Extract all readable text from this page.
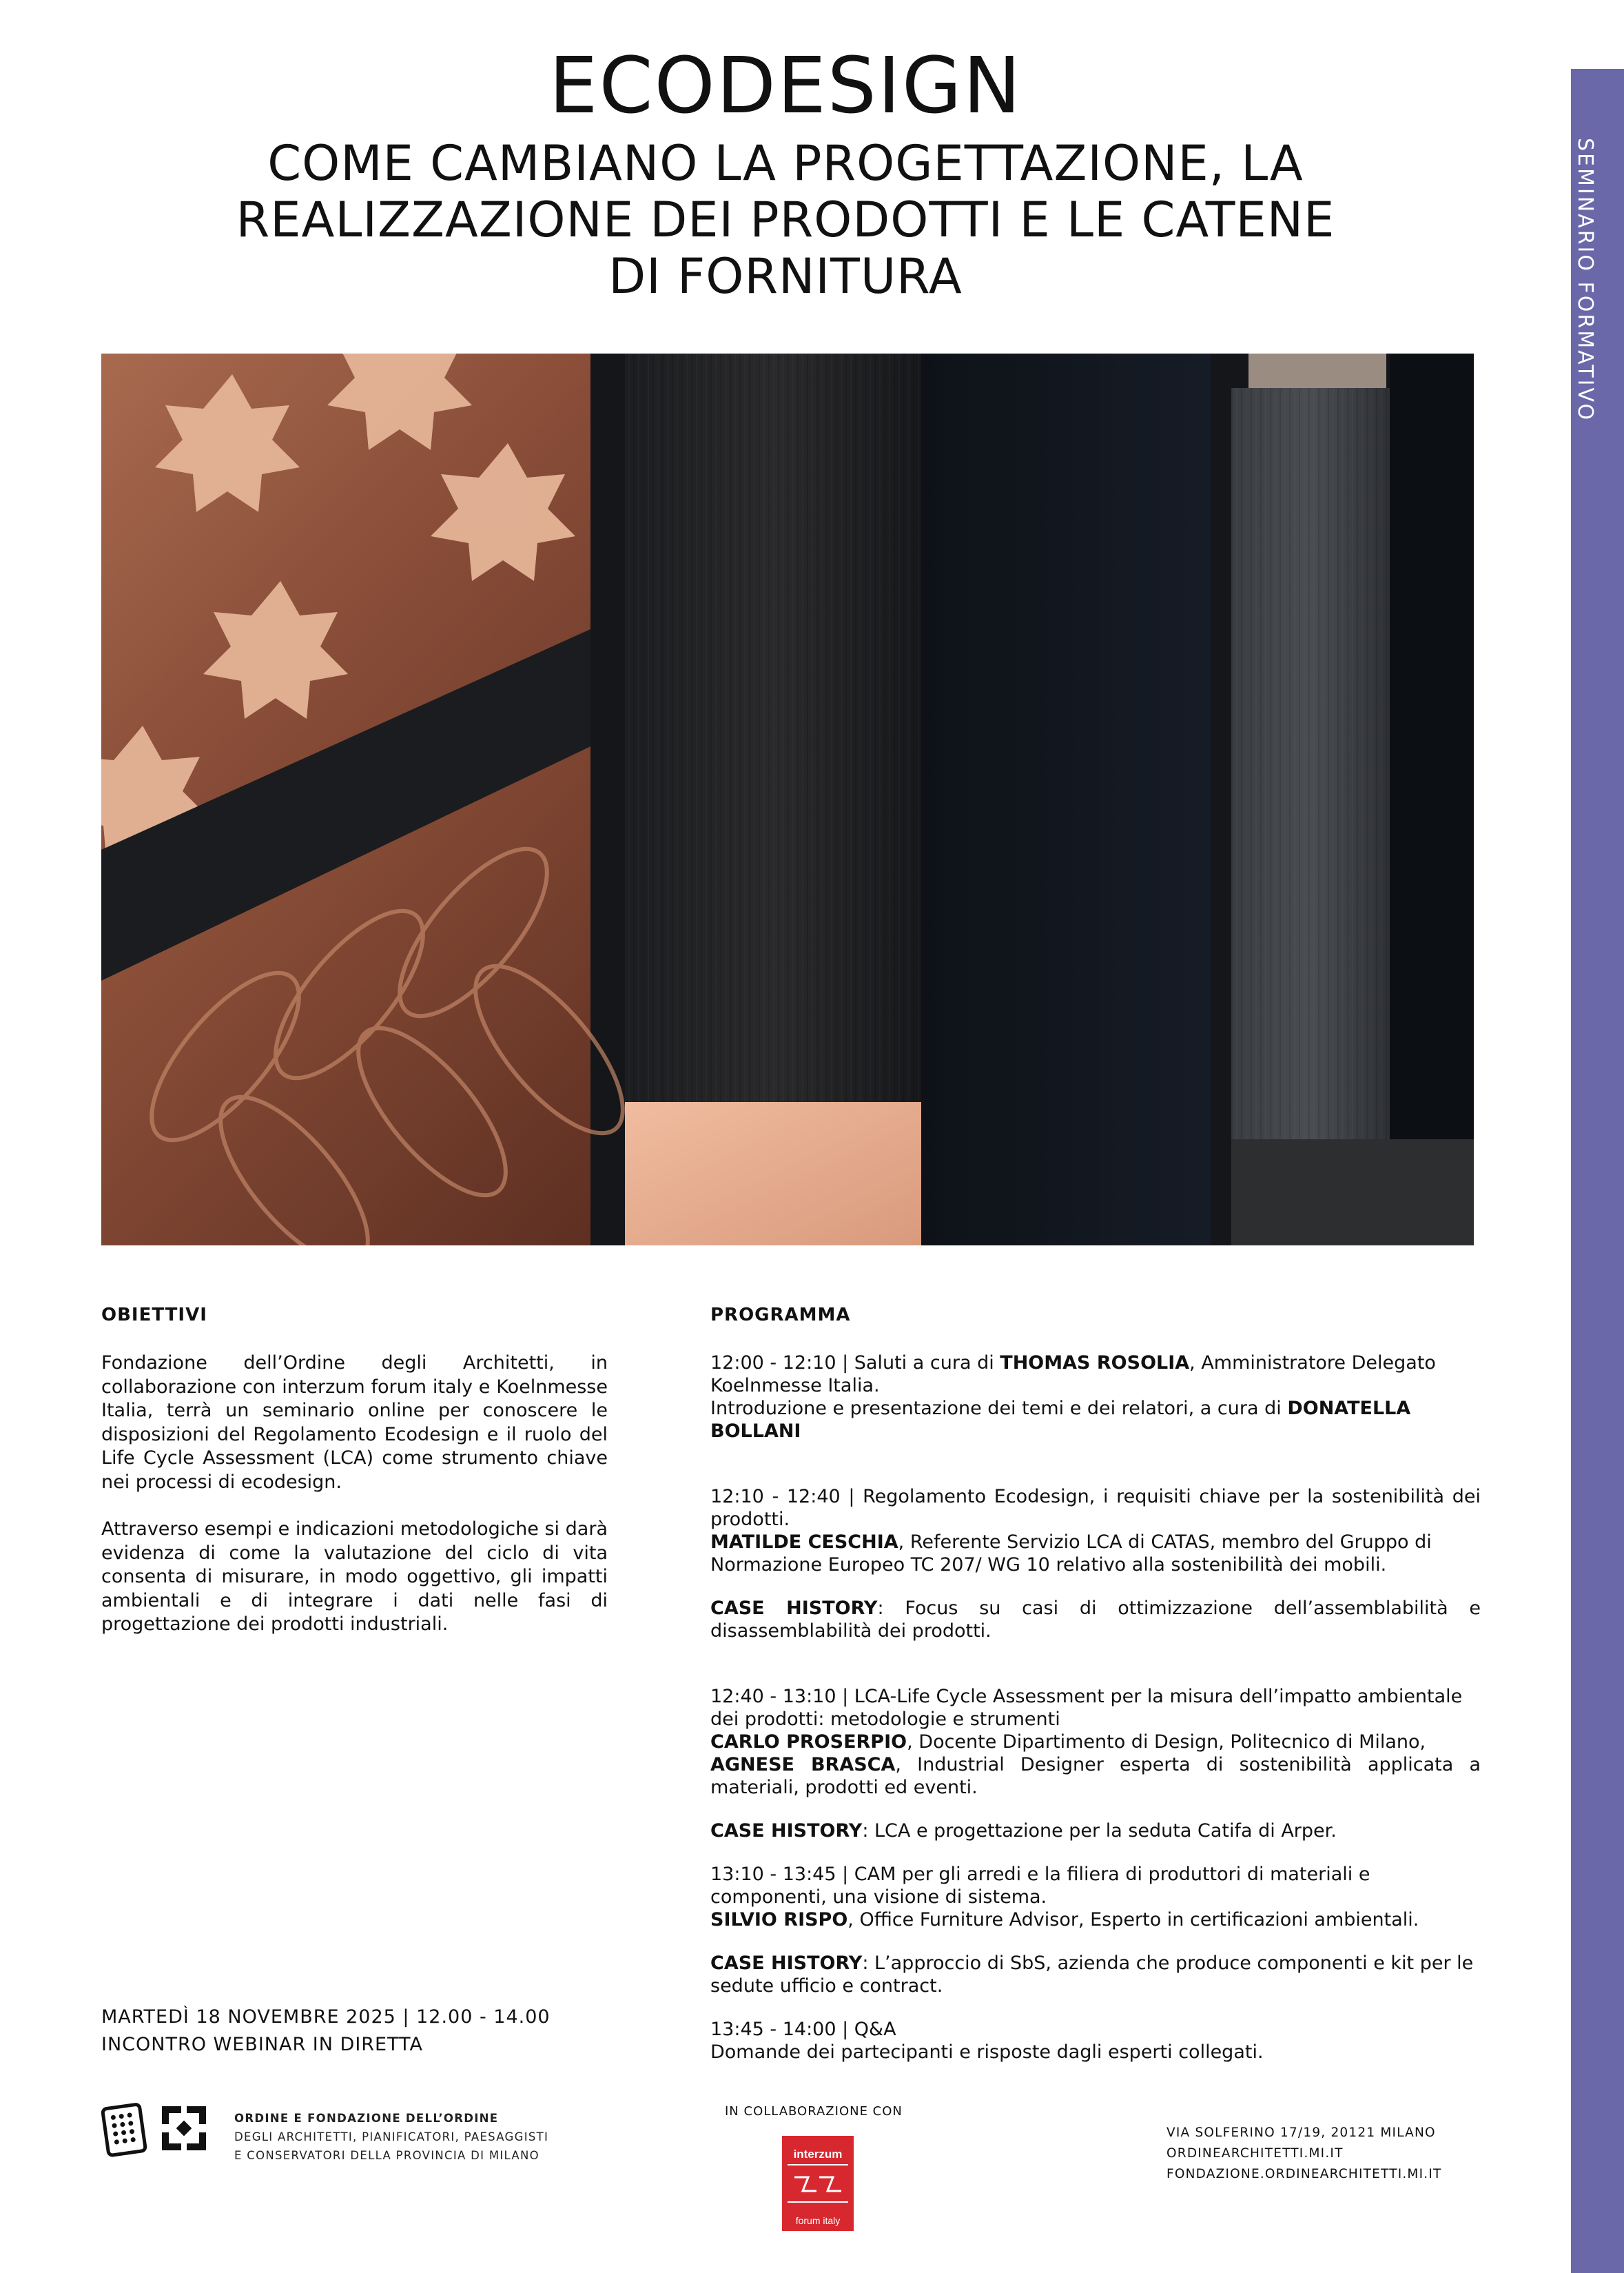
SEMINARIO FORMATIVO
ECODESIGN
COME CAMBIANO LA PROGETTAZIONE, LA
REALIZZAZIONE DEI PRODOTTI E LE CATENE
DI FORNITURA

OBIETTIVI

Fondazione dell’Ordine degli Architetti, in collaborazione con interzum forum italy e Koelnmesse Italia, terrà un seminario online per conoscere le disposizioni del Regolamento Ecodesign e il ruolo del Life Cycle Assessment (LCA) come strumento chiave nei processi di ecodesign.

Attraverso esempi e indicazioni metodologiche si darà evidenza di come la valutazione del ciclo di vita consenta di misurare, in modo oggettivo, gli impatti ambientali e di integrare i dati nelle fasi di progettazione dei prodotti industriali.

MARTEDÌ 18 NOVEMBRE 2025 | 12.00 - 14.00
INCONTRO WEBINAR IN DIRETTA

PROGRAMMA

12:00 - 12:10 | Saluti a cura di THOMAS ROSOLIA, Amministratore Delegato Koelnmesse Italia.

Introduzione e presentazione dei temi e dei relatori, a cura di DONATELLA BOLLANI

12:10 - 12:40 | Regolamento Ecodesign, i requisiti chiave per la sostenibilità dei prodotti.

MATILDE CESCHIA, Referente Servizio LCA di CATAS, membro del Gruppo di Normazione Europeo TC 207/ WG 10 relativo alla sostenibilità dei mobili.

CASE HISTORY: Focus su casi di ottimizzazione dell’assemblabilità e disassemblabilità dei prodotti.

12:40 - 13:10 | LCA-Life Cycle Assessment per la misura dell’impatto ambientale dei prodotti: metodologie e strumenti

CARLO PROSERPIO, Docente Dipartimento di Design, Politecnico di Milano,

AGNESE BRASCA, Industrial Designer esperta di sostenibilità applicata a materiali, prodotti ed eventi.

CASE HISTORY: LCA e progettazione per la seduta Catifa di Arper.

13:10 - 13:45 | CAM per gli arredi e la filiera di produttori di materiali e componenti, una visione di sistema.

SILVIO RISPO, Office Furniture Advisor, Esperto in certificazioni ambientali.

CASE HISTORY: L’approccio di SbS, azienda che produce componenti e kit per le sedute ufficio e contract.

13:45 - 14:00 | Q&A

Domande dei partecipanti e risposte dagli esperti collegati.

ORDINE E FONDAZIONE DELL’ORDINE
DEGLI ARCHITETTI, PIANIFICATORI, PAESAGGISTI
E CONSERVATORI DELLA PROVINCIA DI MILANO
IN COLLABORAZIONE CON
interzum
forum italy
VIA SOLFERINO 17/19, 20121 MILANO
ORDINEARCHITETTI.MI.IT
FONDAZIONE.ORDINEARCHITETTI.MI.IT
